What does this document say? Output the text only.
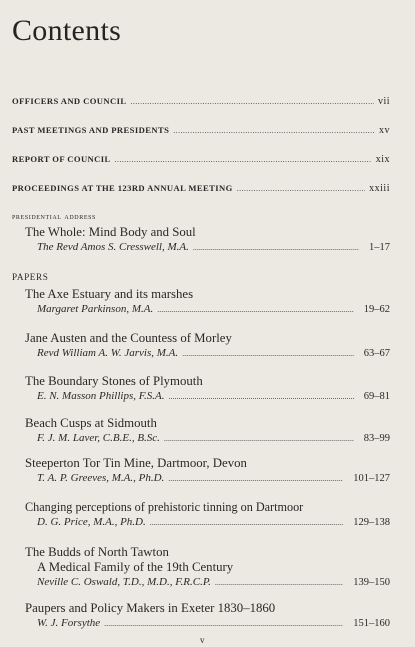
Contents
OFFICERS AND COUNCIL .....	vii
PAST MEETINGS AND PRESIDENTS .....	xv
REPORT OF COUNCIL .....	xix
PROCEEDINGS AT THE 123RD ANNUAL MEETING .....	xxiii
presidential address
The Whole: Mind Body and Soul
The Revd Amos S. Cresswell, M.A. .....	1–17
PAPERS
The Axe Estuary and its marshes
Margaret Parkinson, M.A. .....	19–62
Jane Austen and the Countess of Morley
Revd William A. W. Jarvis, M.A. .....	63–67
The Boundary Stones of Plymouth
E. N. Masson Phillips, F.S.A. .....	69–81
Beach Cusps at Sidmouth
F. J. M. Laver, C.B.E., B.Sc. .....	83–99
Steeperton Tor Tin Mine, Dartmoor, Devon
T. A. P. Greeves, M.A., Ph.D. .....	101–127
Changing perceptions of prehistoric tinning on Dartmoor
D. G. Price, M.A., Ph.D. .....	129–138
The Budds of North Tawton
A Medical Family of the 19th Century
Neville C. Oswald, T.D., M.D., F.R.C.P. .....	139–150
Paupers and Policy Makers in Exeter 1830–1860
W. J. Forsythe .....	151–160
v
